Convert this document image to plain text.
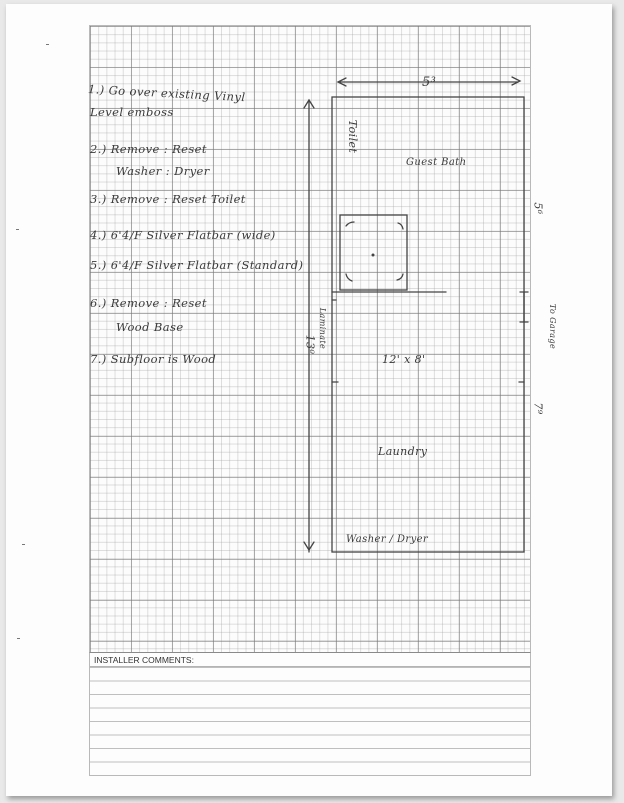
INSTALLER COMMENTS:
1.) Go over existing Vinyl
Level emboss
2.) Remove : Reset
Washer : Dryer
3.) Remove : Reset Toilet
4.) 6'4/F Silver Flatbar (wide)
5.) 6'4/F Silver Flatbar (Standard)
6.) Remove : Reset
Wood Base
7.) Subfloor is Wood
5³
5⁶
7⁹
13⁰
Toilet
Guest Bath
Laminate	To Garage
12' x 8'
Laundry
Washer / Dryer
